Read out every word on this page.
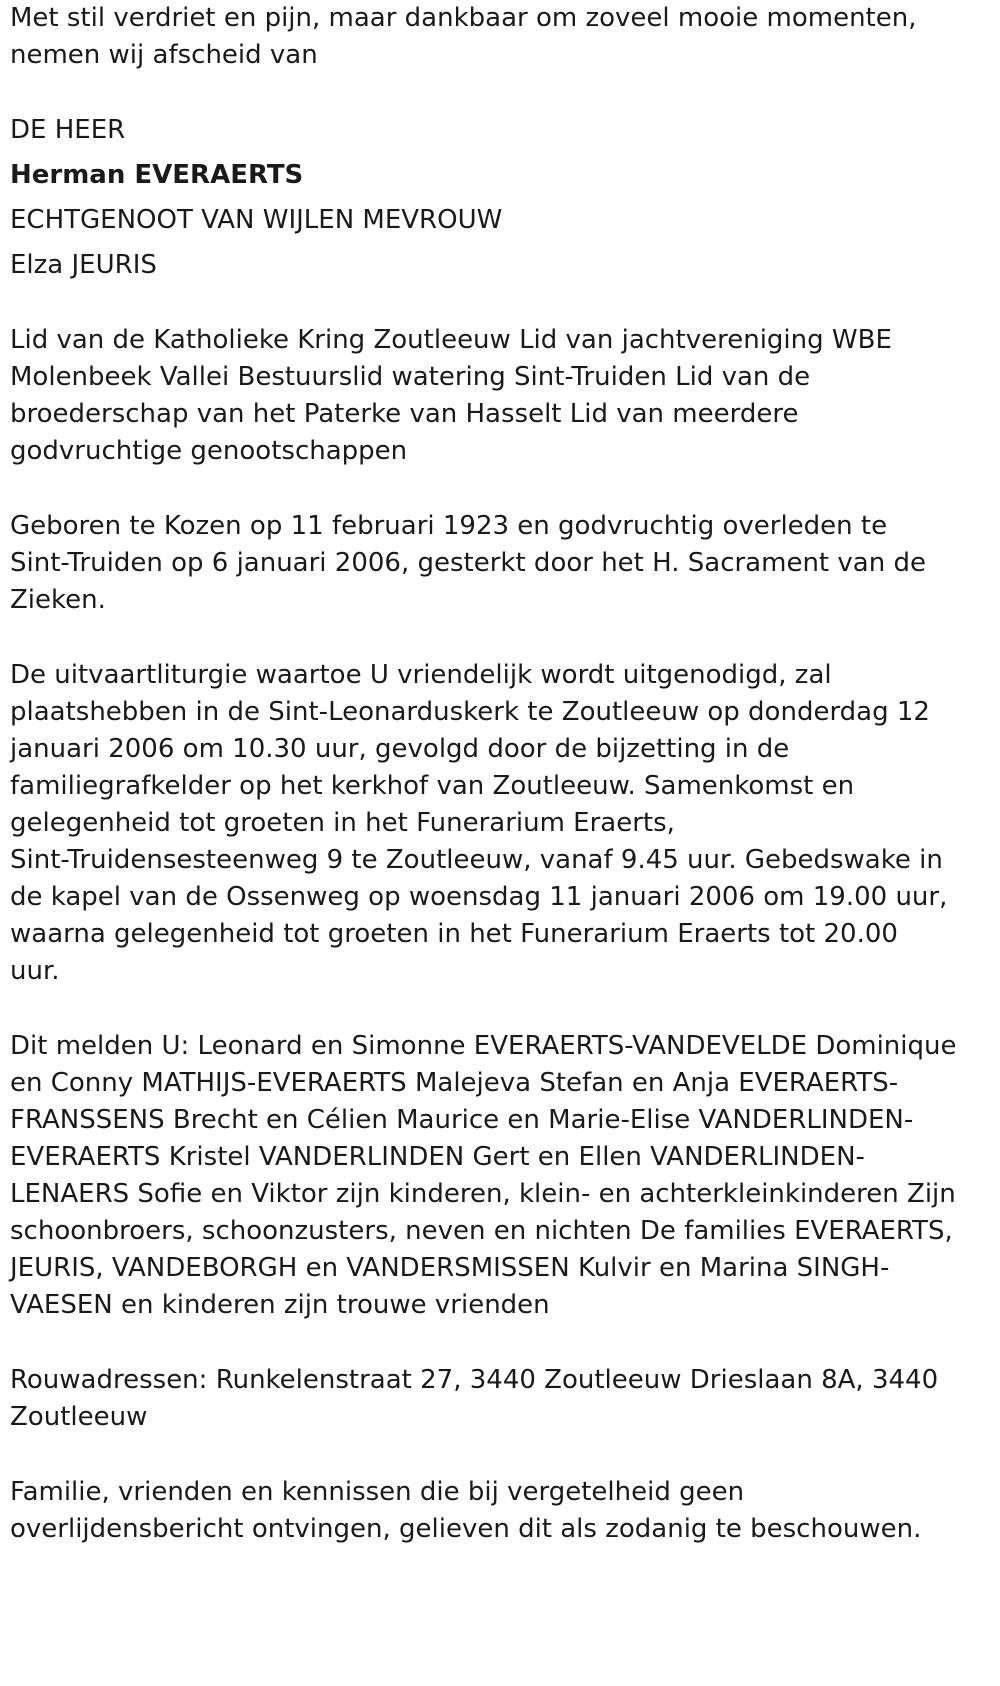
Met stil verdriet en pijn, maar dankbaar om zoveel mooie momenten,
nemen wij afscheid van
DE HEER
Herman EVERAERTS
ECHTGENOOT VAN WIJLEN MEVROUW
Elza JEURIS
Lid van de Katholieke Kring Zoutleeuw Lid van jachtvereniging WBE
Molenbeek Vallei Bestuurslid watering Sint-Truiden Lid van de
broederschap van het Paterke van Hasselt Lid van meerdere
godvruchtige genootschappen
Geboren te Kozen op 11 februari 1923 en godvruchtig overleden te
Sint-Truiden op 6 januari 2006, gesterkt door het H. Sacrament van de
Zieken.
De uitvaartliturgie waartoe U vriendelijk wordt uitgenodigd, zal
plaatshebben in de Sint-Leonarduskerk te Zoutleeuw op donderdag 12
januari 2006 om 10.30 uur, gevolgd door de bijzetting in de
familiegrafkelder op het kerkhof van Zoutleeuw. Samenkomst en
gelegenheid tot groeten in het Funerarium Eraerts,
Sint-Truidensesteenweg 9 te Zoutleeuw, vanaf 9.45 uur. Gebedswake in
de kapel van de Ossenweg op woensdag 11 januari 2006 om 19.00 uur,
waarna gelegenheid tot groeten in het Funerarium Eraerts tot 20.00
uur.
Dit melden U: Leonard en Simonne EVERAERTS-VANDEVELDE Dominique
en Conny MATHIJS-EVERAERTS Malejeva Stefan en Anja EVERAERTS-
FRANSSENS Brecht en Célien Maurice en Marie-Elise VANDERLINDEN-
EVERAERTS Kristel VANDERLINDEN Gert en Ellen VANDERLINDEN-
LENAERS Sofie en Viktor zijn kinderen, klein- en achterkleinkinderen Zijn
schoonbroers, schoonzusters, neven en nichten De families EVERAERTS,
JEURIS, VANDEBORGH en VANDERSMISSEN Kulvir en Marina SINGH-
VAESEN en kinderen zijn trouwe vrienden
Rouwadressen: Runkelenstraat 27, 3440 Zoutleeuw Drieslaan 8A, 3440
Zoutleeuw
Familie, vrienden en kennissen die bij vergetelheid geen
overlijdensbericht ontvingen, gelieven dit als zodanig te beschouwen.
